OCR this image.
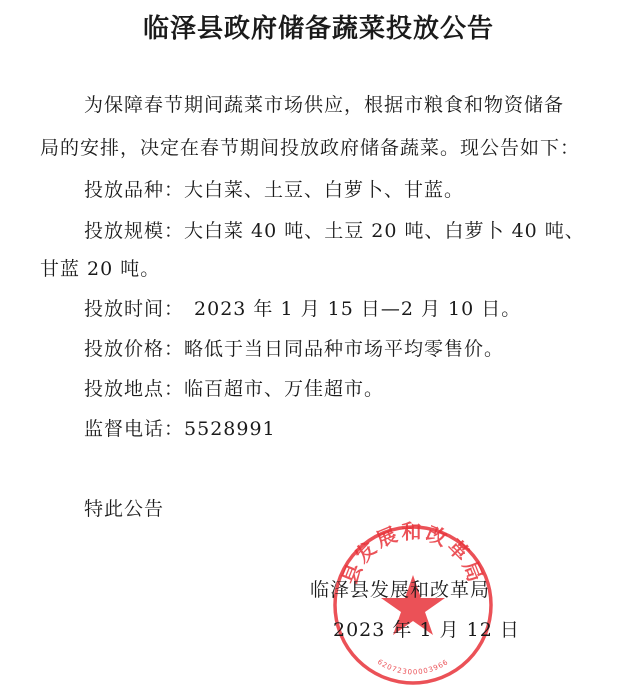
临泽县政府储备蔬菜投放公告

为保障春节期间蔬菜市场供应，根据市粮食和物资储备

局的安排，决定在春节期间投放政府储备蔬菜。现公告如下：

投放品种：大白菜、土豆、白萝卜、甘蓝。
投放规模：大白菜 40 吨、土豆 20 吨、白萝卜 40 吨、

甘蓝 20 吨。

投放时间： 2023 年 1 月 15 日—2 月 10 日。
投放价格：略低于当日同品种市场平均零售价。
投放地点：临百超市、万佳超市。
监督电话：5528991

特此公告

县发展和改革局
62072300003966
临泽县发展和改革局
2023 年 1 月 12 日
